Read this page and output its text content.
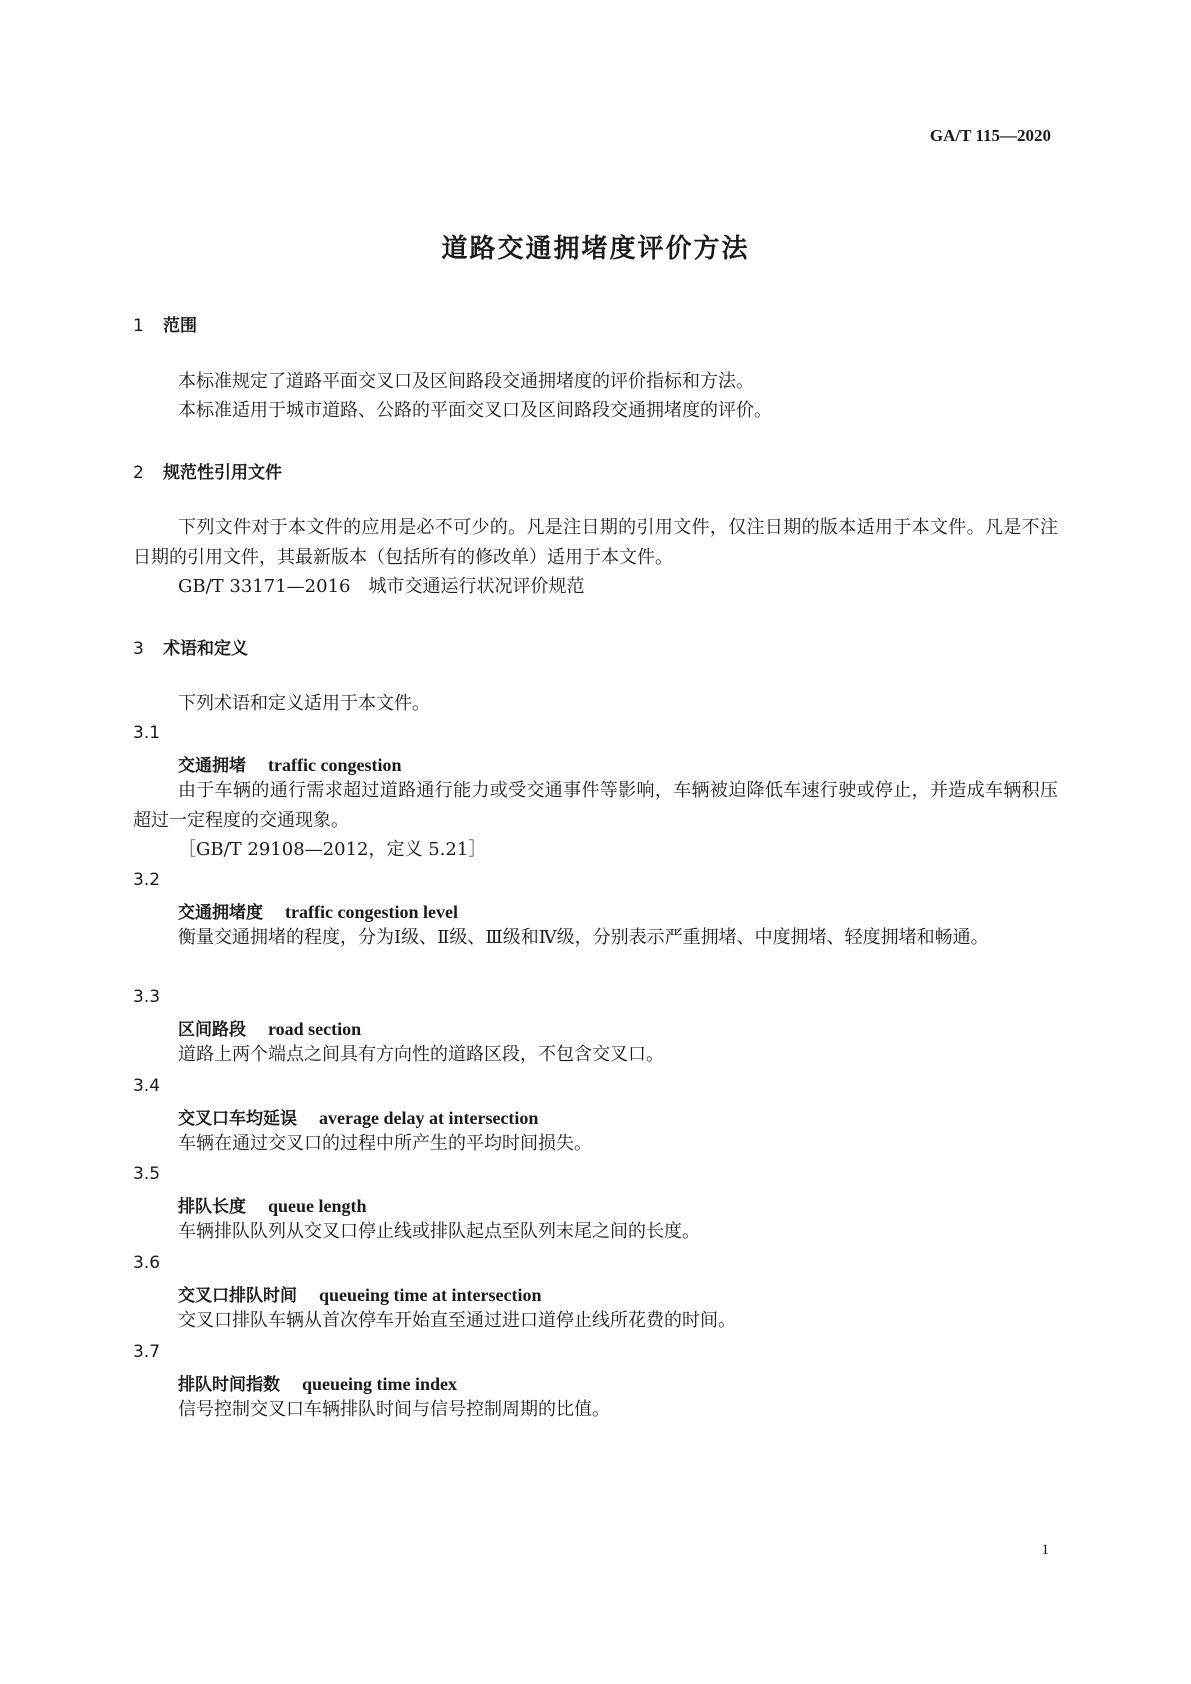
GA/T 115—2020
道路交通拥堵度评价方法
1 范围
本标准规定了道路平面交叉口及区间路段交通拥堵度的评价指标和方法。
本标准适用于城市道路、公路的平面交叉口及区间路段交通拥堵度的评价。
2 规范性引用文件
下列文件对于本文件的应用是必不可少的。凡是注日期的引用文件，仅注日期的版本适用于本文件。凡是不注日期的引用文件，其最新版本（包括所有的修改单）适用于本文件。
GB/T 33171—2016　城市交通运行状况评价规范
3 术语和定义
下列术语和定义适用于本文件。
3.1
交通拥堵 traffic congestion
由于车辆的通行需求超过道路通行能力或受交通事件等影响，车辆被迫降低车速行驶或停止，并造成车辆积压超过一定程度的交通现象。
［GB/T 29108—2012，定义 5.21］
3.2
交通拥堵度 traffic congestion level
衡量交通拥堵的程度，分为Ⅰ级、Ⅱ级、Ⅲ级和Ⅳ级，分别表示严重拥堵、中度拥堵、轻度拥堵和畅通。
3.3
区间路段 road section
道路上两个端点之间具有方向性的道路区段，不包含交叉口。
3.4
交叉口车均延误 average delay at intersection
车辆在通过交叉口的过程中所产生的平均时间损失。
3.5
排队长度 queue length
车辆排队队列从交叉口停止线或排队起点至队列末尾之间的长度。
3.6
交叉口排队时间 queueing time at intersection
交叉口排队车辆从首次停车开始直至通过进口道停止线所花费的时间。
3.7
排队时间指数 queueing time index
信号控制交叉口车辆排队时间与信号控制周期的比值。
1
